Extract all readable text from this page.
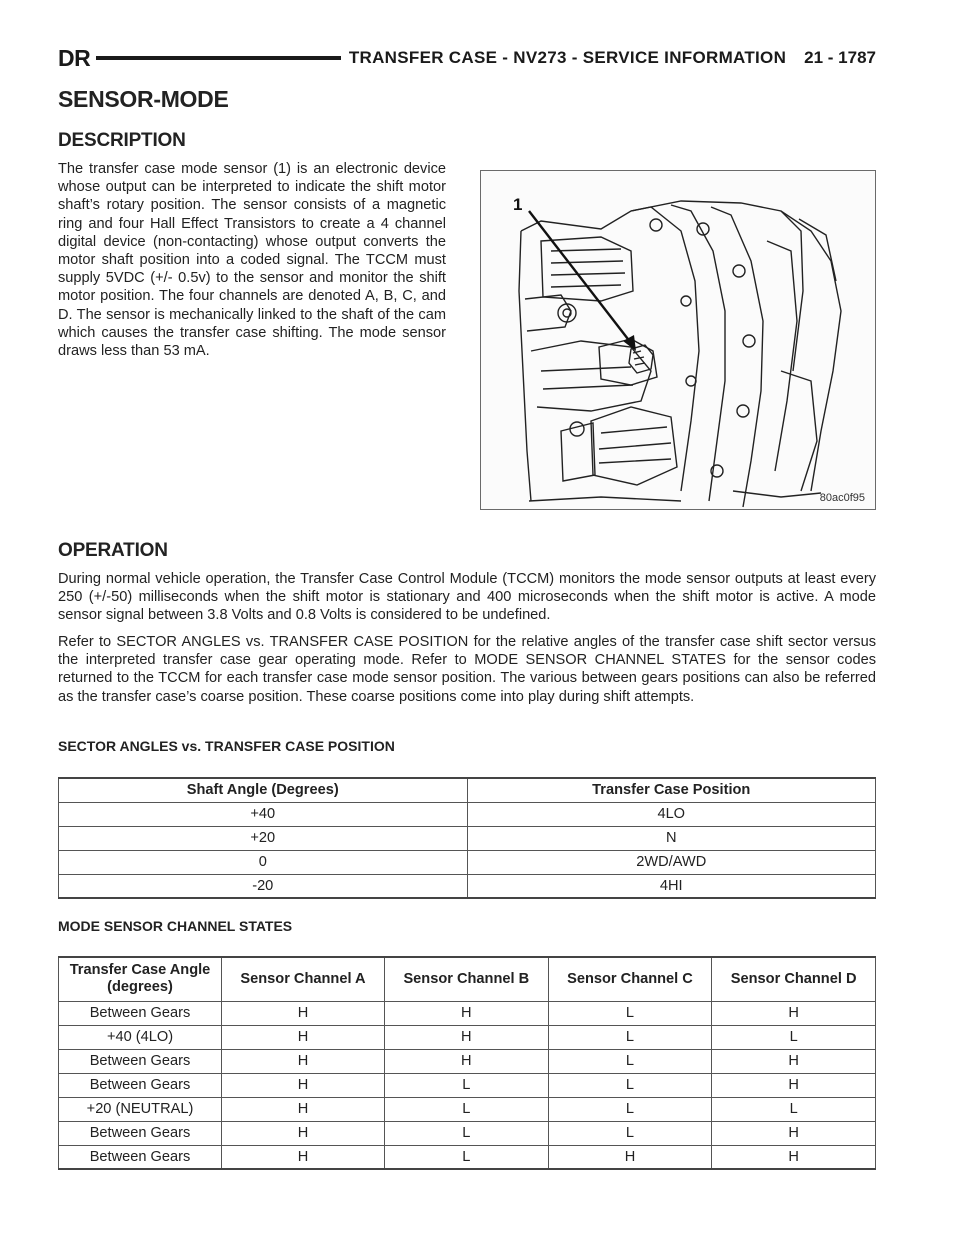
DR	TRANSFER CASE - NV273 - SERVICE INFORMATION 21 - 1787
SENSOR-MODE
DESCRIPTION

The transfer case mode sensor (1) is an electronic device whose output can be interpreted to indicate the shift motor shaft’s rotary position. The sensor consists of a magnetic ring and four Hall Effect Transistors to create a 4 channel digital device (non-contacting) whose output converts the motor shaft position into a coded signal. The TCCM must supply 5VDC (+/- 0.5v) to the sensor and monitor the shift motor position. The four channels are denoted A, B, C, and D. The sensor is mechanically linked to the shaft of the cam which causes the transfer case shifting. The mode sensor draws less than 53 mA.

1
80ac0f95
OPERATION

During normal vehicle operation, the Transfer Case Control Module (TCCM) monitors the mode sensor outputs at least every 250 (+/-50) milliseconds when the shift motor is stationary and 400 microseconds when the shift motor is active. A mode sensor signal between 3.8 Volts and 0.8 Volts is considered to be undefined.

Refer to SECTOR ANGLES vs. TRANSFER CASE POSITION for the relative angles of the transfer case shift sector versus the interpreted transfer case gear operating mode. Refer to MODE SENSOR CHANNEL STATES for the sensor codes returned to the TCCM for each transfer case mode sensor position. The various between gears positions can also be referred as the transfer case’s coarse position. These coarse positions come into play during shift attempts.

SECTOR ANGLES vs. TRANSFER CASE POSITION

Shaft Angle (Degrees)	Transfer Case Position
+40	4LO
+20	N
0	2WD/AWD
-20	4HI

MODE SENSOR CHANNEL STATES

Transfer Case Angle (degrees)	Sensor Channel A	Sensor Channel B	Sensor Channel C	Sensor Channel D
Between Gears	H	H	L	H
+40 (4LO)	H	H	L	L
Between Gears	H	H	L	H
Between Gears	H	L	L	H
+20 (NEUTRAL)	H	L	L	L
Between Gears	H	L	L	H
Between Gears	H	L	H	H
